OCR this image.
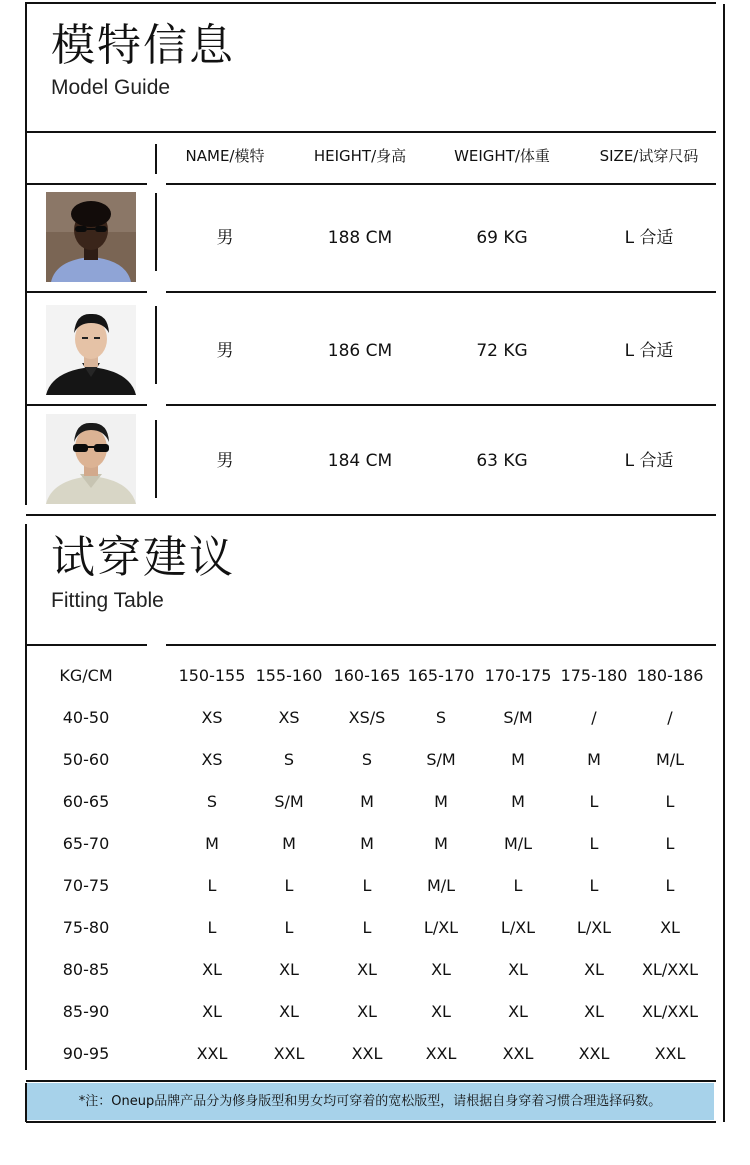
模特信息
Model Guide
NAME/模特	HEIGHT/身高	WEIGHT/体重	SIZE/试穿尺码
男	188 CM	69 KG	L 合适
男	186 CM	72 KG	L 合适
男	184 CM	63 KG	L 合适
试穿建议
Fitting Table
KG/CM	150-155 155-160 160-165 165-170 170-175 175-180 180-186
40-50	XS	XS	XS/S	S	S/M	/	/
50-60	XS	S	S	S/M	M	M	M/L
60-65	S	S/M	M	M	M	L	L
65-70	M	M	M	M	M/L	L	L
70-75	L	L	L	M/L	L	L	L
75-80	L	L	L	L/XL	L/XL	L/XL	XL
80-85	XL	XL	XL	XL	XL	XL	XL/XXL
85-90	XL	XL	XL	XL	XL	XL	XL/XXL
90-95	XXL	XXL	XXL	XXL	XXL	XXL	XXL
*注：Oneup品牌产品分为修身版型和男女均可穿着的宽松版型，请根据自身穿着习惯合理选择码数。
